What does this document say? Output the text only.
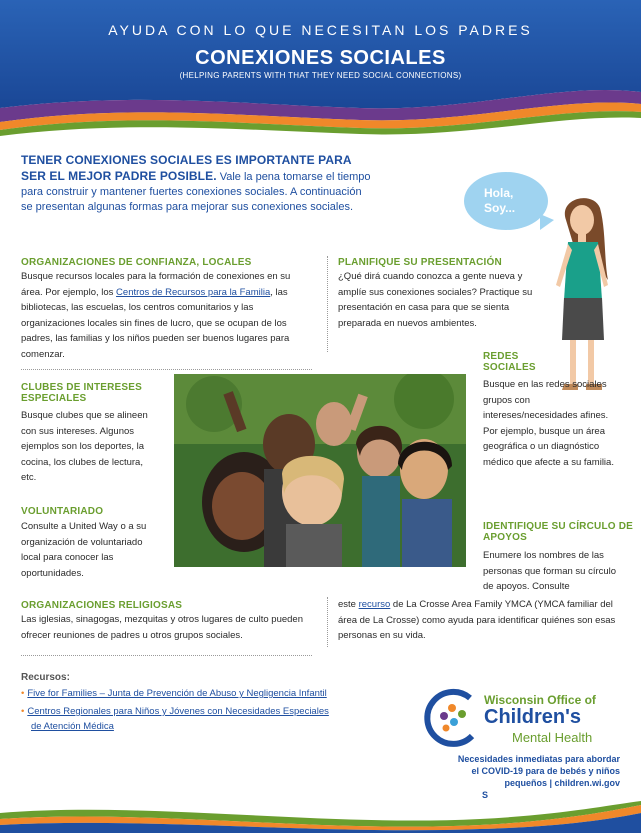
AYUDA CON LO QUE NECESITAN LOS PADRES
CONEXIONES SOCIALES
(HELPING PARENTS WITH THAT THEY NEED SOCIAL CONNECTIONS)
TENER CONEXIONES SOCIALES ES IMPORTANTE PARA SER EL MEJOR PADRE POSIBLE. Vale la pena tomarse el tiempo para construir y mantener fuertes conexiones sociales. A continuación se presentan algunas formas para mejorar sus conexiones sociales.
Hola,
Soy...
ORGANIZACIONES DE CONFIANZA, LOCALES
Busque recursos locales para la formación de conexiones en su área. Por ejemplo, los Centros de Recursos para la Familia, las bibliotecas, las escuelas, los centros comunitarios y las organizaciones locales sin fines de lucro, que se ocupan de los padres, las familias y los niños pueden ser buenos lugares para comenzar.
CLUBES DE INTERESES ESPECIALES
Busque clubes que se alineen con sus intereses. Algunos ejemplos son los deportes, la cocina, los clubes de lectura, etc.
VOLUNTARIADO
Consulte a United Way o a su organización de voluntariado local para conocer las oportunidades.
ORGANIZACIONES RELIGIOSAS
Las iglesias, sinagogas, mezquitas y otros lugares de culto pueden ofrecer reuniones de padres u otros grupos sociales.
PLANIFIQUE SU PRESENTACIÓN
¿Qué dirá cuando conozca a gente nueva y amplíe sus conexiones sociales? Practique su presentación en casa para que se sienta preparada en nuevos ambientes.
REDES SOCIALES
Busque en las redes sociales grupos con intereses/necesidades afines. Por ejemplo, busque un área geográfica o un diagnóstico médico que afecte a su familia.
IDENTIFIQUE SU CÍRCULO DE APOYOS
Enumere los nombres de las personas que forman su círculo de apoyos. Consulte
este recurso de La Crosse Area Family YMCA (YMCA familiar del área de La Crosse) como ayuda para identificar quiénes son esas personas en su vida.
Recursos:
• Five for Families – Junta de Prevención de Abuso y Negligencia Infantil
• Centros Regionales para Niños y Jóvenes con Necesidades Especiales
de Atención Médica
Wisconsin Office of
Children's
Mental Health
Necesidades inmediatas para abordar
el COVID-19 para de bebés y niños
pequeños | children.wi.gov
S
